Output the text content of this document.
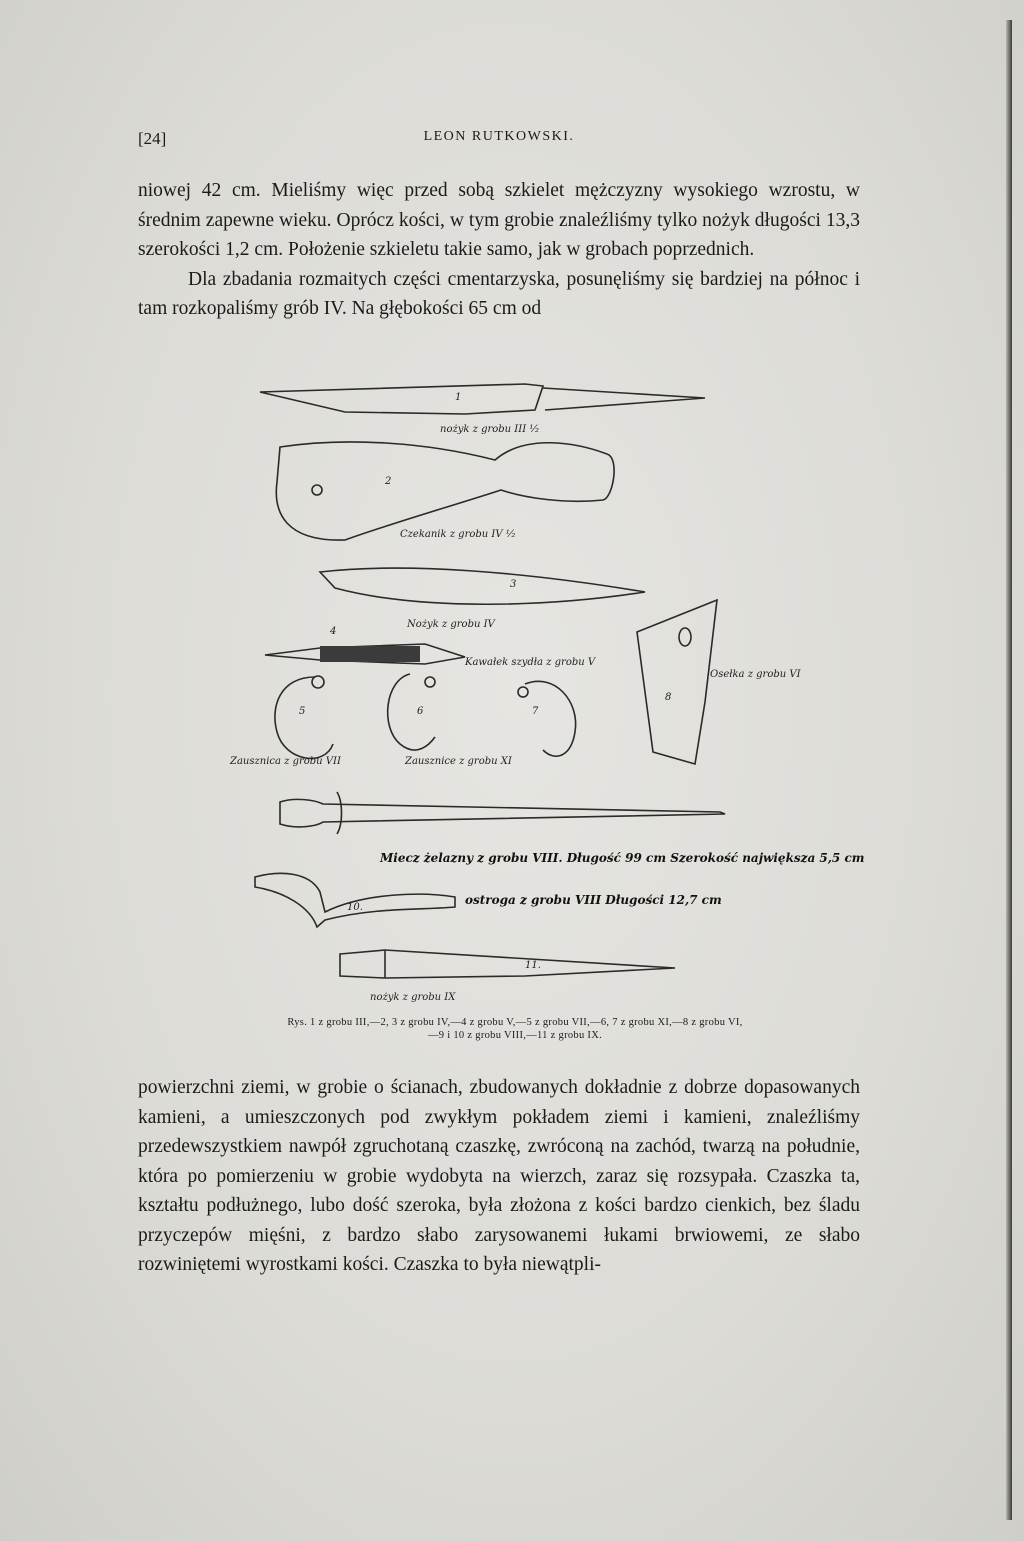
[24]	LEON RUTKOWSKI.

niowej 42 cm. Mieliśmy więc przed sobą szkielet mężczyzny wysokiego wzrostu, w średnim zapewne wieku. Oprócz kości, w tym grobie znaleźliśmy tylko nożyk długości 13,3 szerokości 1,2 cm. Położenie szkieletu takie samo, jak w grobach poprzednich.

Dla zbadania rozmaitych części cmentarzyska, posunęliśmy się bardziej na północ i tam rozkopaliśmy grób IV. Na głębokości 65 cm od

1
nożyk z grobu III ⅟₂
2
Czekanik z grobu IV ⅟₂
3
Nożyk z grobu IV
4
Kawałek szydła z grobu V
5	6	7
8
Osełka z grobu VI
Zausznica z grobu VII	Zausznice z grobu XI
Miecz żelazny z grobu VIII. Długość 99 cm Szerokość największa 5,5 cm
10.
ostroga z grobu VIII Długości 12,7 cm
11.
nożyk z grobu IX
Rys. 1 z grobu III,—2, 3 z grobu IV,—4 z grobu V,—5 z grobu VII,—6, 7 z grobu XI,—8 z grobu VI,
—9 i 10 z grobu VIII,—11 z grobu IX.

powierzchni ziemi, w grobie o ścianach, zbudowanych dokładnie z dobrze dopasowanych kamieni, a umieszczonych pod zwykłym pokładem ziemi i kamieni, znaleźliśmy przedewszystkiem nawpół zgruchotaną czaszkę, zwróconą na zachód, twarzą na południe, która po pomierzeniu w grobie wydobyta na wierzch, zaraz się rozsypała. Czaszka ta, kształtu podłużnego, lubo dość szeroka, była złożona z kości bardzo cienkich, bez śladu przyczepów mięśni, z bardzo słabo zarysowanemi łukami brwiowemi, ze słabo rozwiniętemi wyrostkami kości. Czaszka to była niewątpli-
